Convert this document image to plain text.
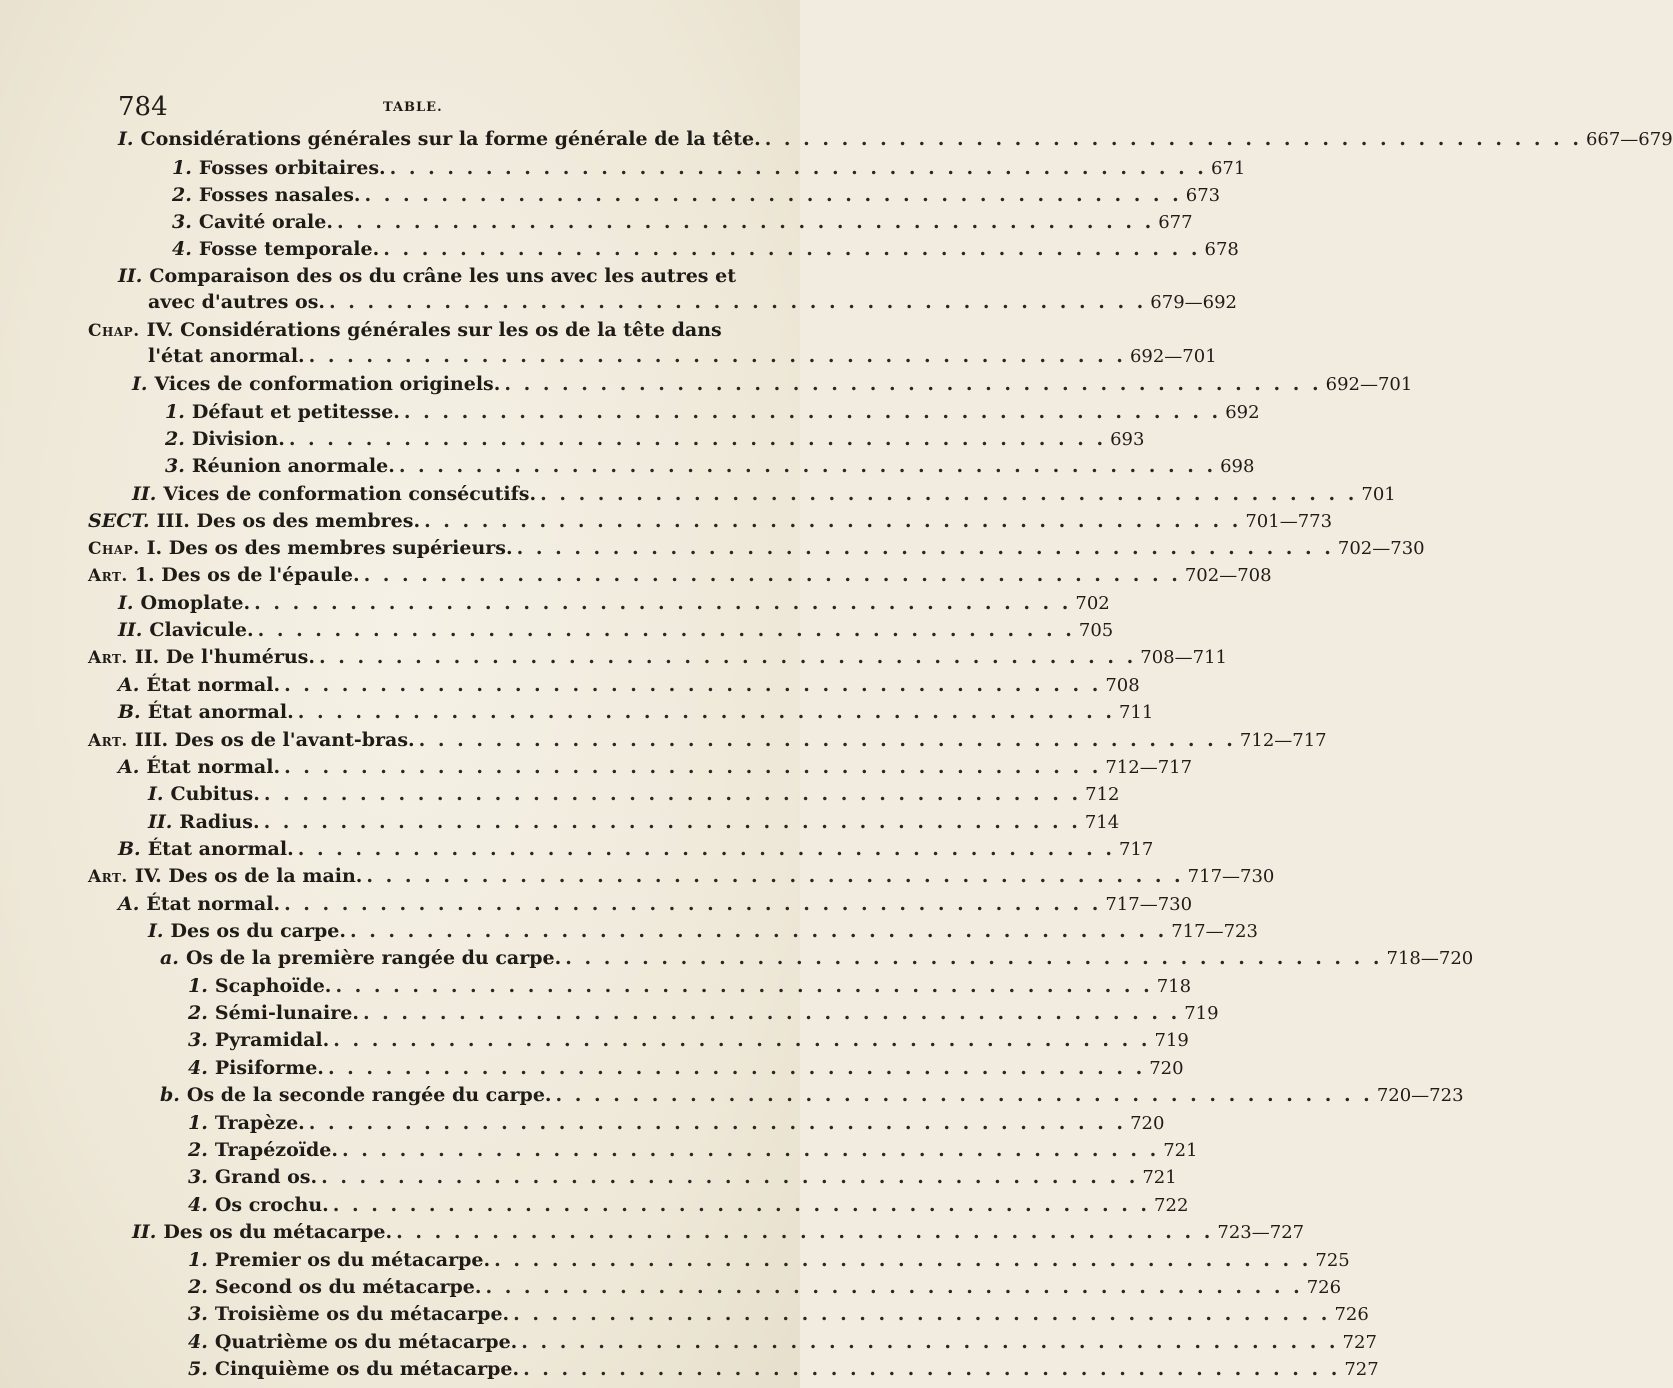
784	TABLE.
I. Considérations générales sur la forme générale de la tête. . . . . . . . . . . . . . . . . . . . . . . . . . . . . . . . . . . . . . . . . . . . 667—679
1. Fosses orbitaires. . . . . . . . . . . . . . . . . . . . . . . . . . . . . . . . . . . . . . . . . . . . 671
2. Fosses nasales. . . . . . . . . . . . . . . . . . . . . . . . . . . . . . . . . . . . . . . . . . . . 673
3. Cavité orale. . . . . . . . . . . . . . . . . . . . . . . . . . . . . . . . . . . . . . . . . . . . 677
4. Fosse temporale. . . . . . . . . . . . . . . . . . . . . . . . . . . . . . . . . . . . . . . . . . . . 678
II. Comparaison des os du crâne les uns avec les autres et
avec d'autres os. . . . . . . . . . . . . . . . . . . . . . . . . . . . . . . . . . . . . . . . . . . . 679—692
Chap. IV. Considérations générales sur les os de la tête dans
l'état anormal. . . . . . . . . . . . . . . . . . . . . . . . . . . . . . . . . . . . . . . . . . . . 692—701
I. Vices de conformation originels. . . . . . . . . . . . . . . . . . . . . . . . . . . . . . . . . . . . . . . . . . . . 692—701
1. Défaut et petitesse. . . . . . . . . . . . . . . . . . . . . . . . . . . . . . . . . . . . . . . . . . . . 692
2. Division. . . . . . . . . . . . . . . . . . . . . . . . . . . . . . . . . . . . . . . . . . . . 693
3. Réunion anormale. . . . . . . . . . . . . . . . . . . . . . . . . . . . . . . . . . . . . . . . . . . . 698
II. Vices de conformation consécutifs. . . . . . . . . . . . . . . . . . . . . . . . . . . . . . . . . . . . . . . . . . . . 701
SECT. III. Des os des membres. . . . . . . . . . . . . . . . . . . . . . . . . . . . . . . . . . . . . . . . . . . . 701—773
Chap. I. Des os des membres supérieurs. . . . . . . . . . . . . . . . . . . . . . . . . . . . . . . . . . . . . . . . . . . . 702—730
Art. 1. Des os de l'épaule. . . . . . . . . . . . . . . . . . . . . . . . . . . . . . . . . . . . . . . . . . . . 702—708
I. Omoplate. . . . . . . . . . . . . . . . . . . . . . . . . . . . . . . . . . . . . . . . . . . . 702
II. Clavicule. . . . . . . . . . . . . . . . . . . . . . . . . . . . . . . . . . . . . . . . . . . . 705
Art. II. De l'humérus. . . . . . . . . . . . . . . . . . . . . . . . . . . . . . . . . . . . . . . . . . . . 708—711
A. État normal. . . . . . . . . . . . . . . . . . . . . . . . . . . . . . . . . . . . . . . . . . . . 708
B. État anormal. . . . . . . . . . . . . . . . . . . . . . . . . . . . . . . . . . . . . . . . . . . . 711
Art. III. Des os de l'avant-bras. . . . . . . . . . . . . . . . . . . . . . . . . . . . . . . . . . . . . . . . . . . . 712—717
A. État normal. . . . . . . . . . . . . . . . . . . . . . . . . . . . . . . . . . . . . . . . . . . . 712—717
I. Cubitus. . . . . . . . . . . . . . . . . . . . . . . . . . . . . . . . . . . . . . . . . . . . 712
II. Radius. . . . . . . . . . . . . . . . . . . . . . . . . . . . . . . . . . . . . . . . . . . . 714
B. État anormal. . . . . . . . . . . . . . . . . . . . . . . . . . . . . . . . . . . . . . . . . . . . 717
Art. IV. Des os de la main. . . . . . . . . . . . . . . . . . . . . . . . . . . . . . . . . . . . . . . . . . . . 717—730
A. État normal. . . . . . . . . . . . . . . . . . . . . . . . . . . . . . . . . . . . . . . . . . . . 717—730
I. Des os du carpe. . . . . . . . . . . . . . . . . . . . . . . . . . . . . . . . . . . . . . . . . . . . 717—723
a. Os de la première rangée du carpe. . . . . . . . . . . . . . . . . . . . . . . . . . . . . . . . . . . . . . . . . . . . 718—720
1. Scaphoïde. . . . . . . . . . . . . . . . . . . . . . . . . . . . . . . . . . . . . . . . . . . . 718
2. Sémi-lunaire. . . . . . . . . . . . . . . . . . . . . . . . . . . . . . . . . . . . . . . . . . . . 719
3. Pyramidal. . . . . . . . . . . . . . . . . . . . . . . . . . . . . . . . . . . . . . . . . . . . 719
4. Pisiforme. . . . . . . . . . . . . . . . . . . . . . . . . . . . . . . . . . . . . . . . . . . . 720
b. Os de la seconde rangée du carpe. . . . . . . . . . . . . . . . . . . . . . . . . . . . . . . . . . . . . . . . . . . . 720—723
1. Trapèze. . . . . . . . . . . . . . . . . . . . . . . . . . . . . . . . . . . . . . . . . . . . 720
2. Trapézoïde. . . . . . . . . . . . . . . . . . . . . . . . . . . . . . . . . . . . . . . . . . . . 721
3. Grand os. . . . . . . . . . . . . . . . . . . . . . . . . . . . . . . . . . . . . . . . . . . . 721
4. Os crochu. . . . . . . . . . . . . . . . . . . . . . . . . . . . . . . . . . . . . . . . . . . . 722
II. Des os du métacarpe. . . . . . . . . . . . . . . . . . . . . . . . . . . . . . . . . . . . . . . . . . . . 723—727
1. Premier os du métacarpe. . . . . . . . . . . . . . . . . . . . . . . . . . . . . . . . . . . . . . . . . . . . 725
2. Second os du métacarpe. . . . . . . . . . . . . . . . . . . . . . . . . . . . . . . . . . . . . . . . . . . . 726
3. Troisième os du métacarpe. . . . . . . . . . . . . . . . . . . . . . . . . . . . . . . . . . . . . . . . . . . . 726
4. Quatrième os du métacarpe. . . . . . . . . . . . . . . . . . . . . . . . . . . . . . . . . . . . . . . . . . . . 727
5. Cinquième os du métacarpe. . . . . . . . . . . . . . . . . . . . . . . . . . . . . . . . . . . . . . . . . . . . 727
